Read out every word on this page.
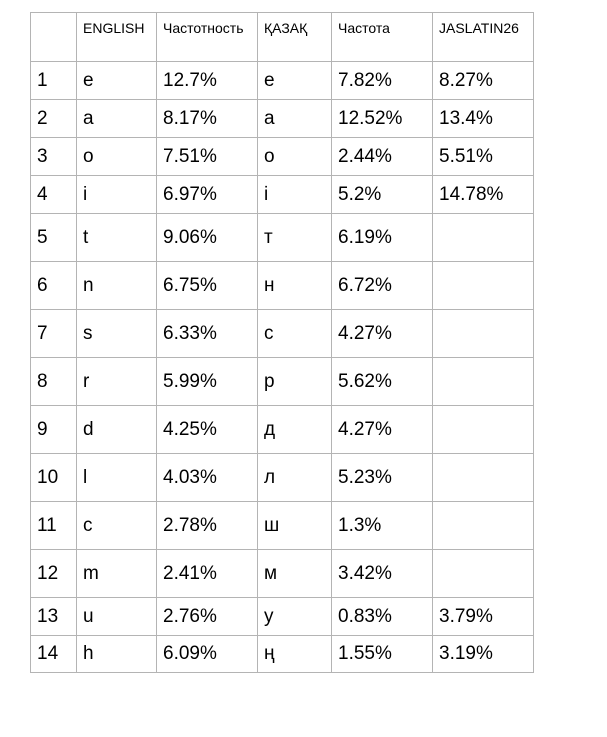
	ENGLISH	Частотность	ҚАЗАҚ	Частота	JASLATIN26
1	e	12.7%	е	7.82%	8.27%
2	a	8.17%	а	12.52%	13.4%
3	o	7.51%	о	2.44%	5.51%
4	i	6.97%	і	5.2%	14.78%
5	t	9.06%	т	6.19%	
6	n	6.75%	н	6.72%	
7	s	6.33%	с	4.27%	
8	r	5.99%	р	5.62%	
9	d	4.25%	д	4.27%	
10	l	4.03%	л	5.23%	
11	c	2.78%	ш	1.3%	
12	m	2.41%	м	3.42%	
13	u	2.76%	у	0.83%	3.79%
14	h	6.09%	ң	1.55%	3.19%
